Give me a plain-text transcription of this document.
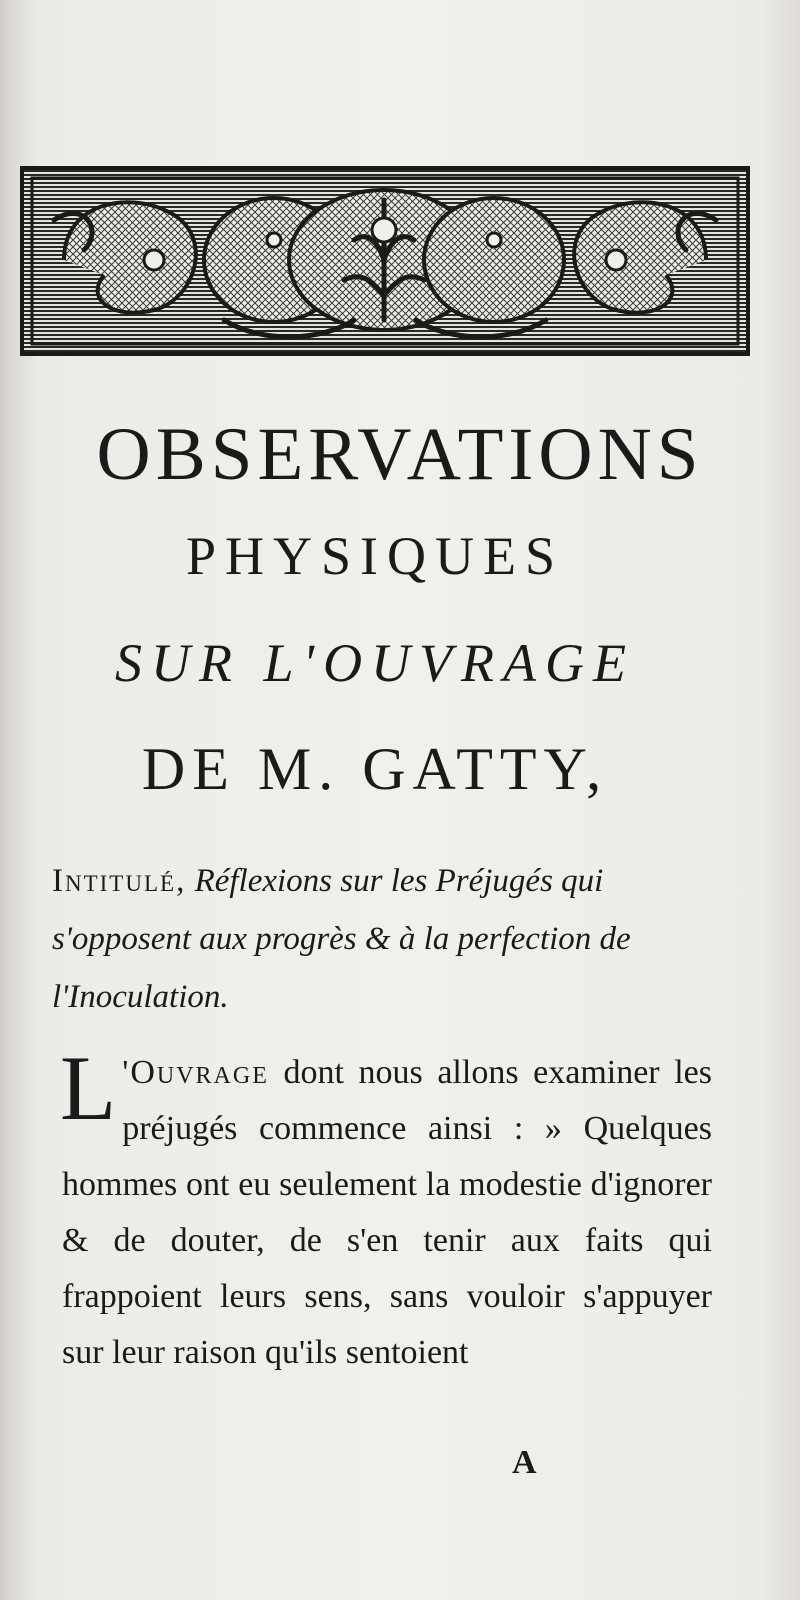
OBSERVATIONS
PHYSIQUES
SUR L'OUVRAGE
DE M. GATTY,
Intitulé, Réflexions sur les Préjugés qui s'opposent aux progrès & à la perfection de l'Inoculation.
L 'Ouvrage dont nous allons examiner les préjugés commence ainsi : » Quelques hommes ont eu seulement la modestie d'ignorer & de douter, de s'en tenir aux faits qui frappoient leurs sens, sans vouloir s'appuyer sur leur raison qu'ils sentoient
A
